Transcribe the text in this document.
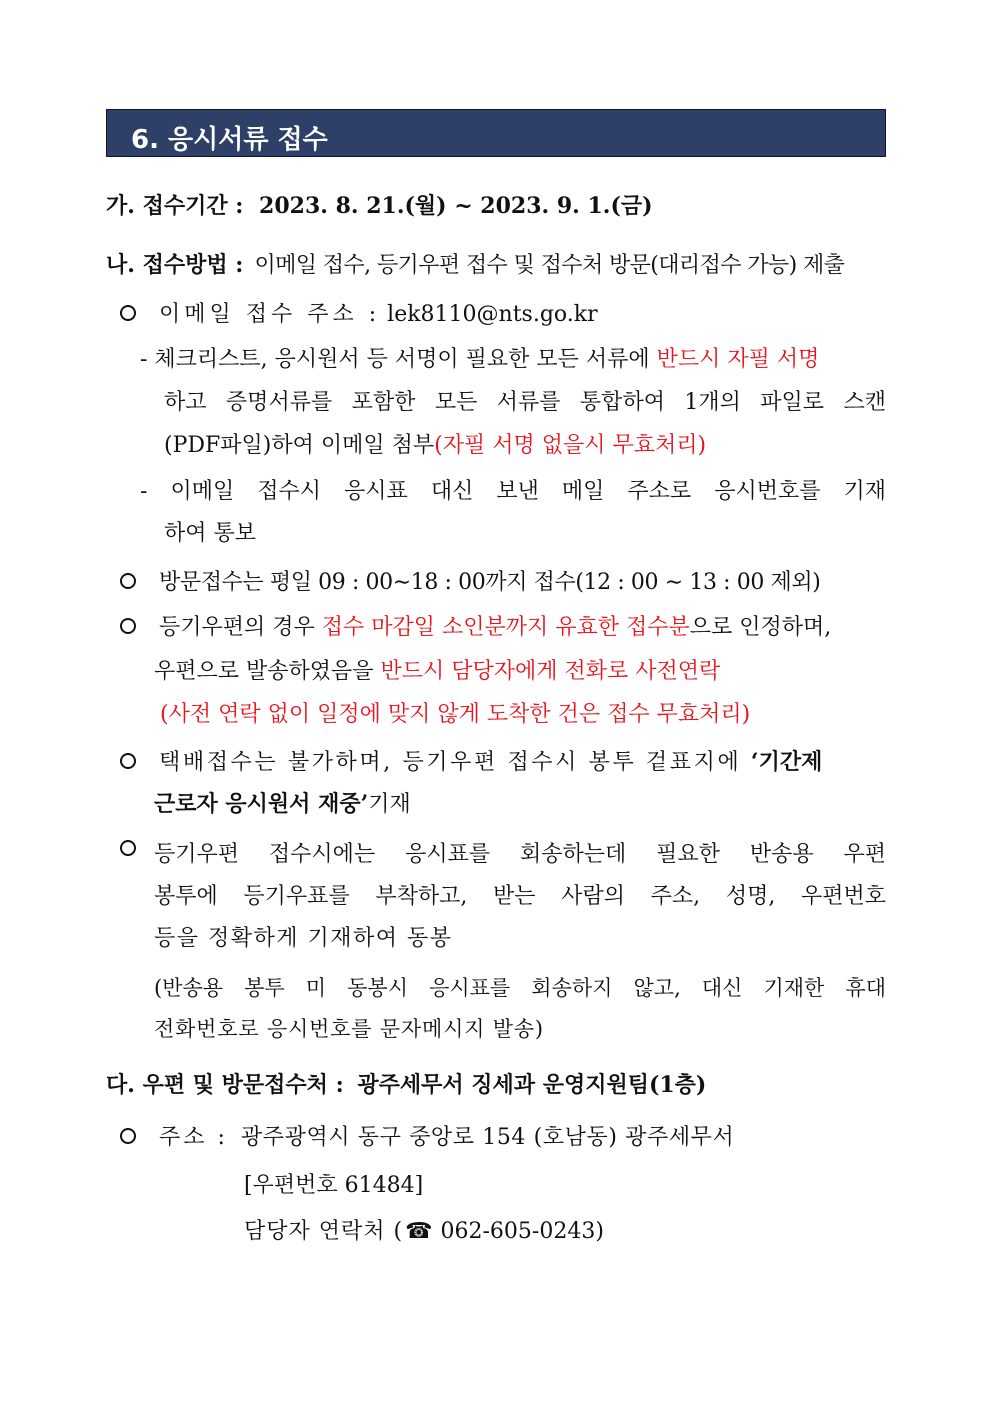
6. 응시서류 접수
가. 접수기간 : 2023. 8. 21.(월) ~ 2023. 9. 1.(금)
나. 접수방법 : 이메일 접수, 등기우편 접수 및 접수처 방문(대리접수 가능) 제출
이메일 접수 주소 : lek8110@nts.go.kr
- 체크리스트, 응시원서 등 서명이 필요한 모든 서류에 반드시 자필 서명
하고 증명서류를 포함한 모든 서류를 통합하여 1개의 파일로 스캔
(PDF파일)하여 이메일 첨부(자필 서명 없을시 무효처리)
- 이메일 접수시 응시표 대신 보낸 메일 주소로 응시번호를 기재
하여 통보
방문접수는 평일 09 : 00∼18 : 00까지 접수(12 : 00 ∼ 13 : 00 제외)
등기우편의 경우 접수 마감일 소인분까지 유효한 접수분으로 인정하며,
우편으로 발송하였음을 반드시 담당자에게 전화로 사전연락
(사전 연락 없이 일정에 맞지 않게 도착한 건은 접수 무효처리)
택배접수는 불가하며, 등기우편 접수시 봉투 겉표지에 ‘기간제
근로자 응시원서 재중’기재
등기우편 접수시에는 응시표를 회송하는데 필요한 반송용 우편
봉투에 등기우표를 부착하고, 받는 사람의 주소, 성명, 우편번호
등을 정확하게 기재하여 동봉
(반송용 봉투 미 동봉시 응시표를 회송하지 않고, 대신 기재한 휴대
전화번호로 응시번호를 문자메시지 발송)
다. 우편 및 방문접수처 : 광주세무서 징세과 운영지원팀(1층)
주소 : 광주광역시 동구 중앙로 154 (호남동) 광주세무서
[우편번호 61484]
담당자 연락처 (☎ 062-605-0243)
